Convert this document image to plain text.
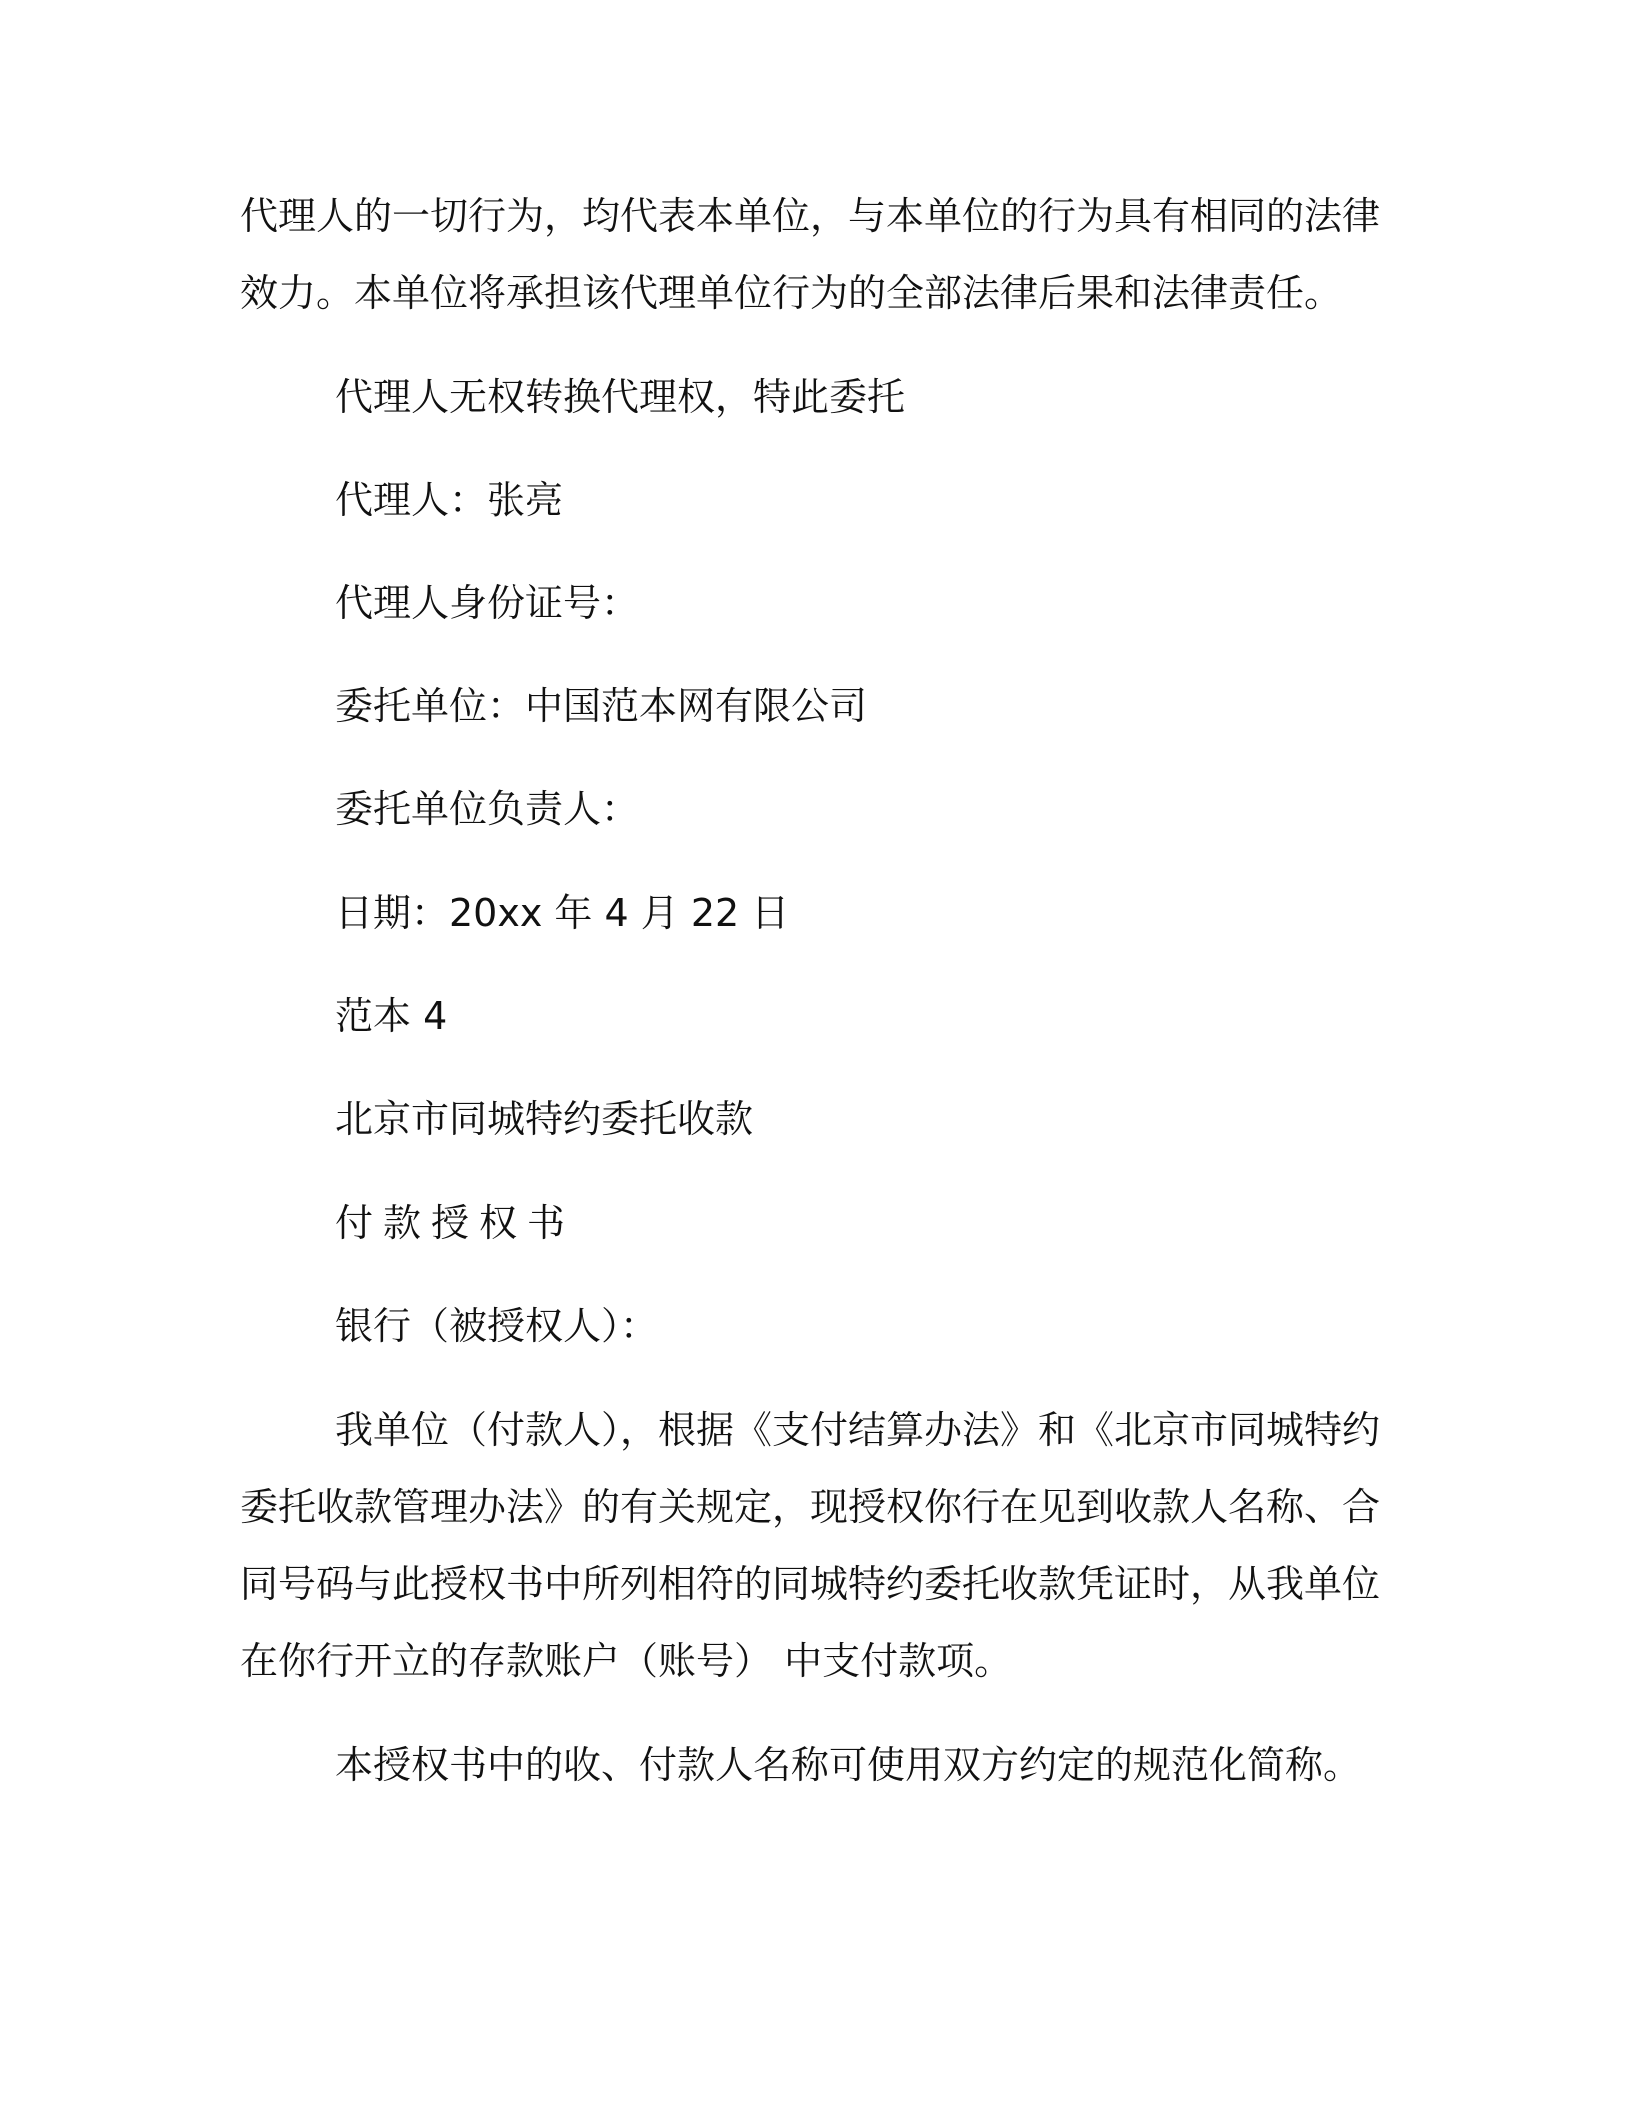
代理人的一切行为，均代表本单位，与本单位的行为具有相同的法律

效力。本单位将承担该代理单位行为的全部法律后果和法律责任。

代理人无权转换代理权，特此委托

代理人：张亮

代理人身份证号：

委托单位：中国范本网有限公司

委托单位负责人：

日期：20xx 年 4 月 22 日

范本 4

北京市同城特约委托收款

付款授权书

银行（被授权人）：

我单位（付款人），根据《支付结算办法》和《北京市同城特约

委托收款管理办法》的有关规定，现授权你行在见到收款人名称、合

同号码与此授权书中所列相符的同城特约委托收款凭证时，从我单位

在你行开立的存款账户（账号） 中支付款项。

本授权书中的收、付款人名称可使用双方约定的规范化简称。
